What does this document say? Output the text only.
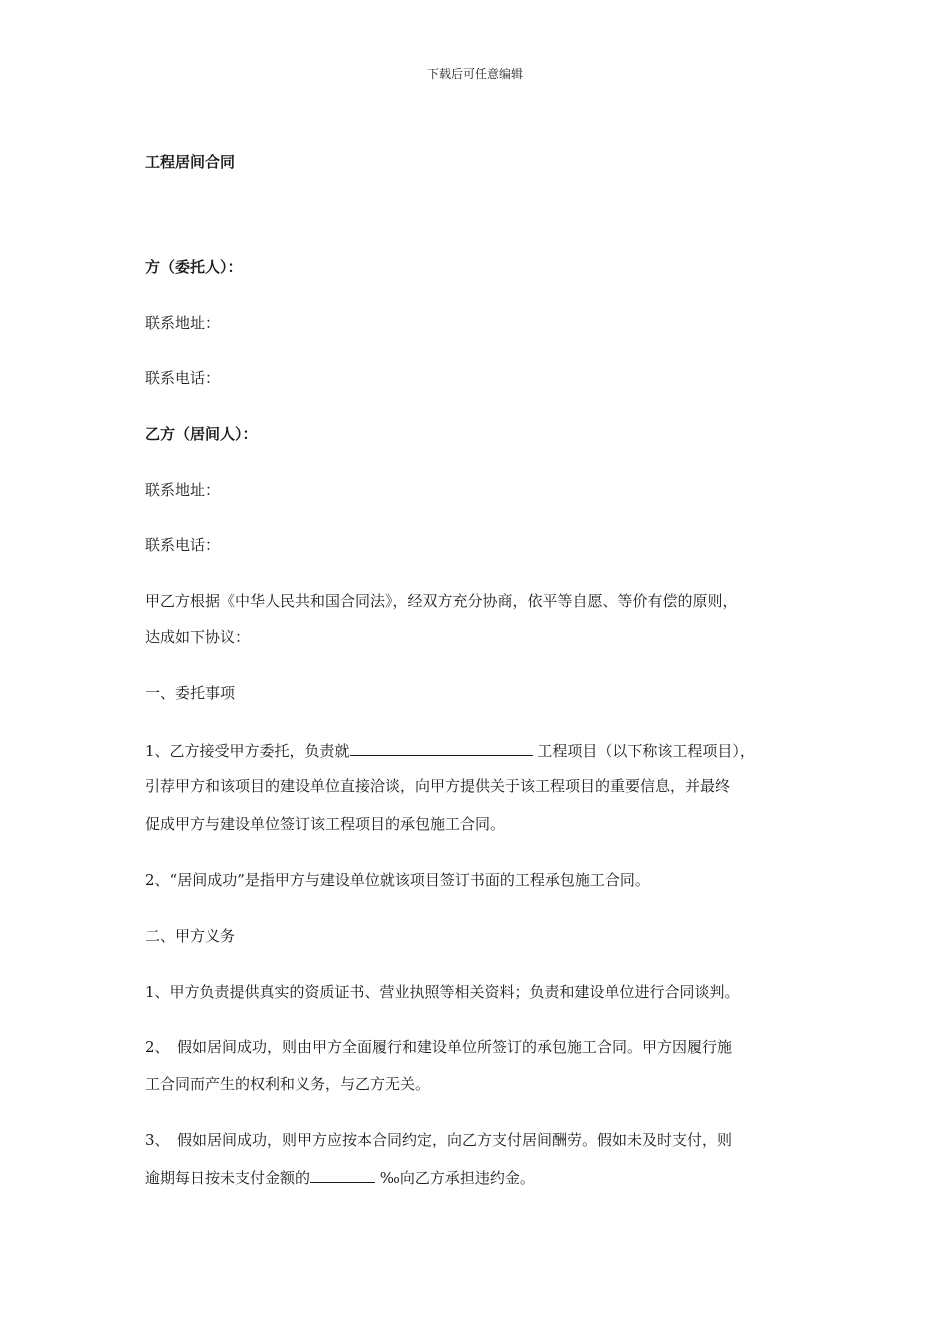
下载后可任意编辑
工程居间合同
方（委托人）：
联系地址：
联系电话：
乙方（居间人）：
联系地址：
联系电话：
甲乙方根据《中华人民共和国合同法》，经双方充分协商，依平等自愿、等价有偿的原则，
达成如下协议：
一、委托事项
1、乙方接受甲方委托，负责就	工程项目（以下称该工程项目），
引荐甲方和该项目的建设单位直接洽谈，向甲方提供关于该工程项目的重要信息，并最终
促成甲方与建设单位签订该工程项目的承包施工合同。
2、“居间成功”是指甲方与建设单位就该项目签订书面的工程承包施工合同。
二、甲方义务
1、甲方负责提供真实的资质证书、营业执照等相关资料；负责和建设单位进行合同谈判。
2、　假如居间成功，则由甲方全面履行和建设单位所签订的承包施工合同。甲方因履行施
工合同而产生的权利和义务，与乙方无关。
3、　假如居间成功，则甲方应按本合同约定，向乙方支付居间酬劳。假如未及时支付，则
逾期每日按未支付金额的	‰向乙方承担违约金。
